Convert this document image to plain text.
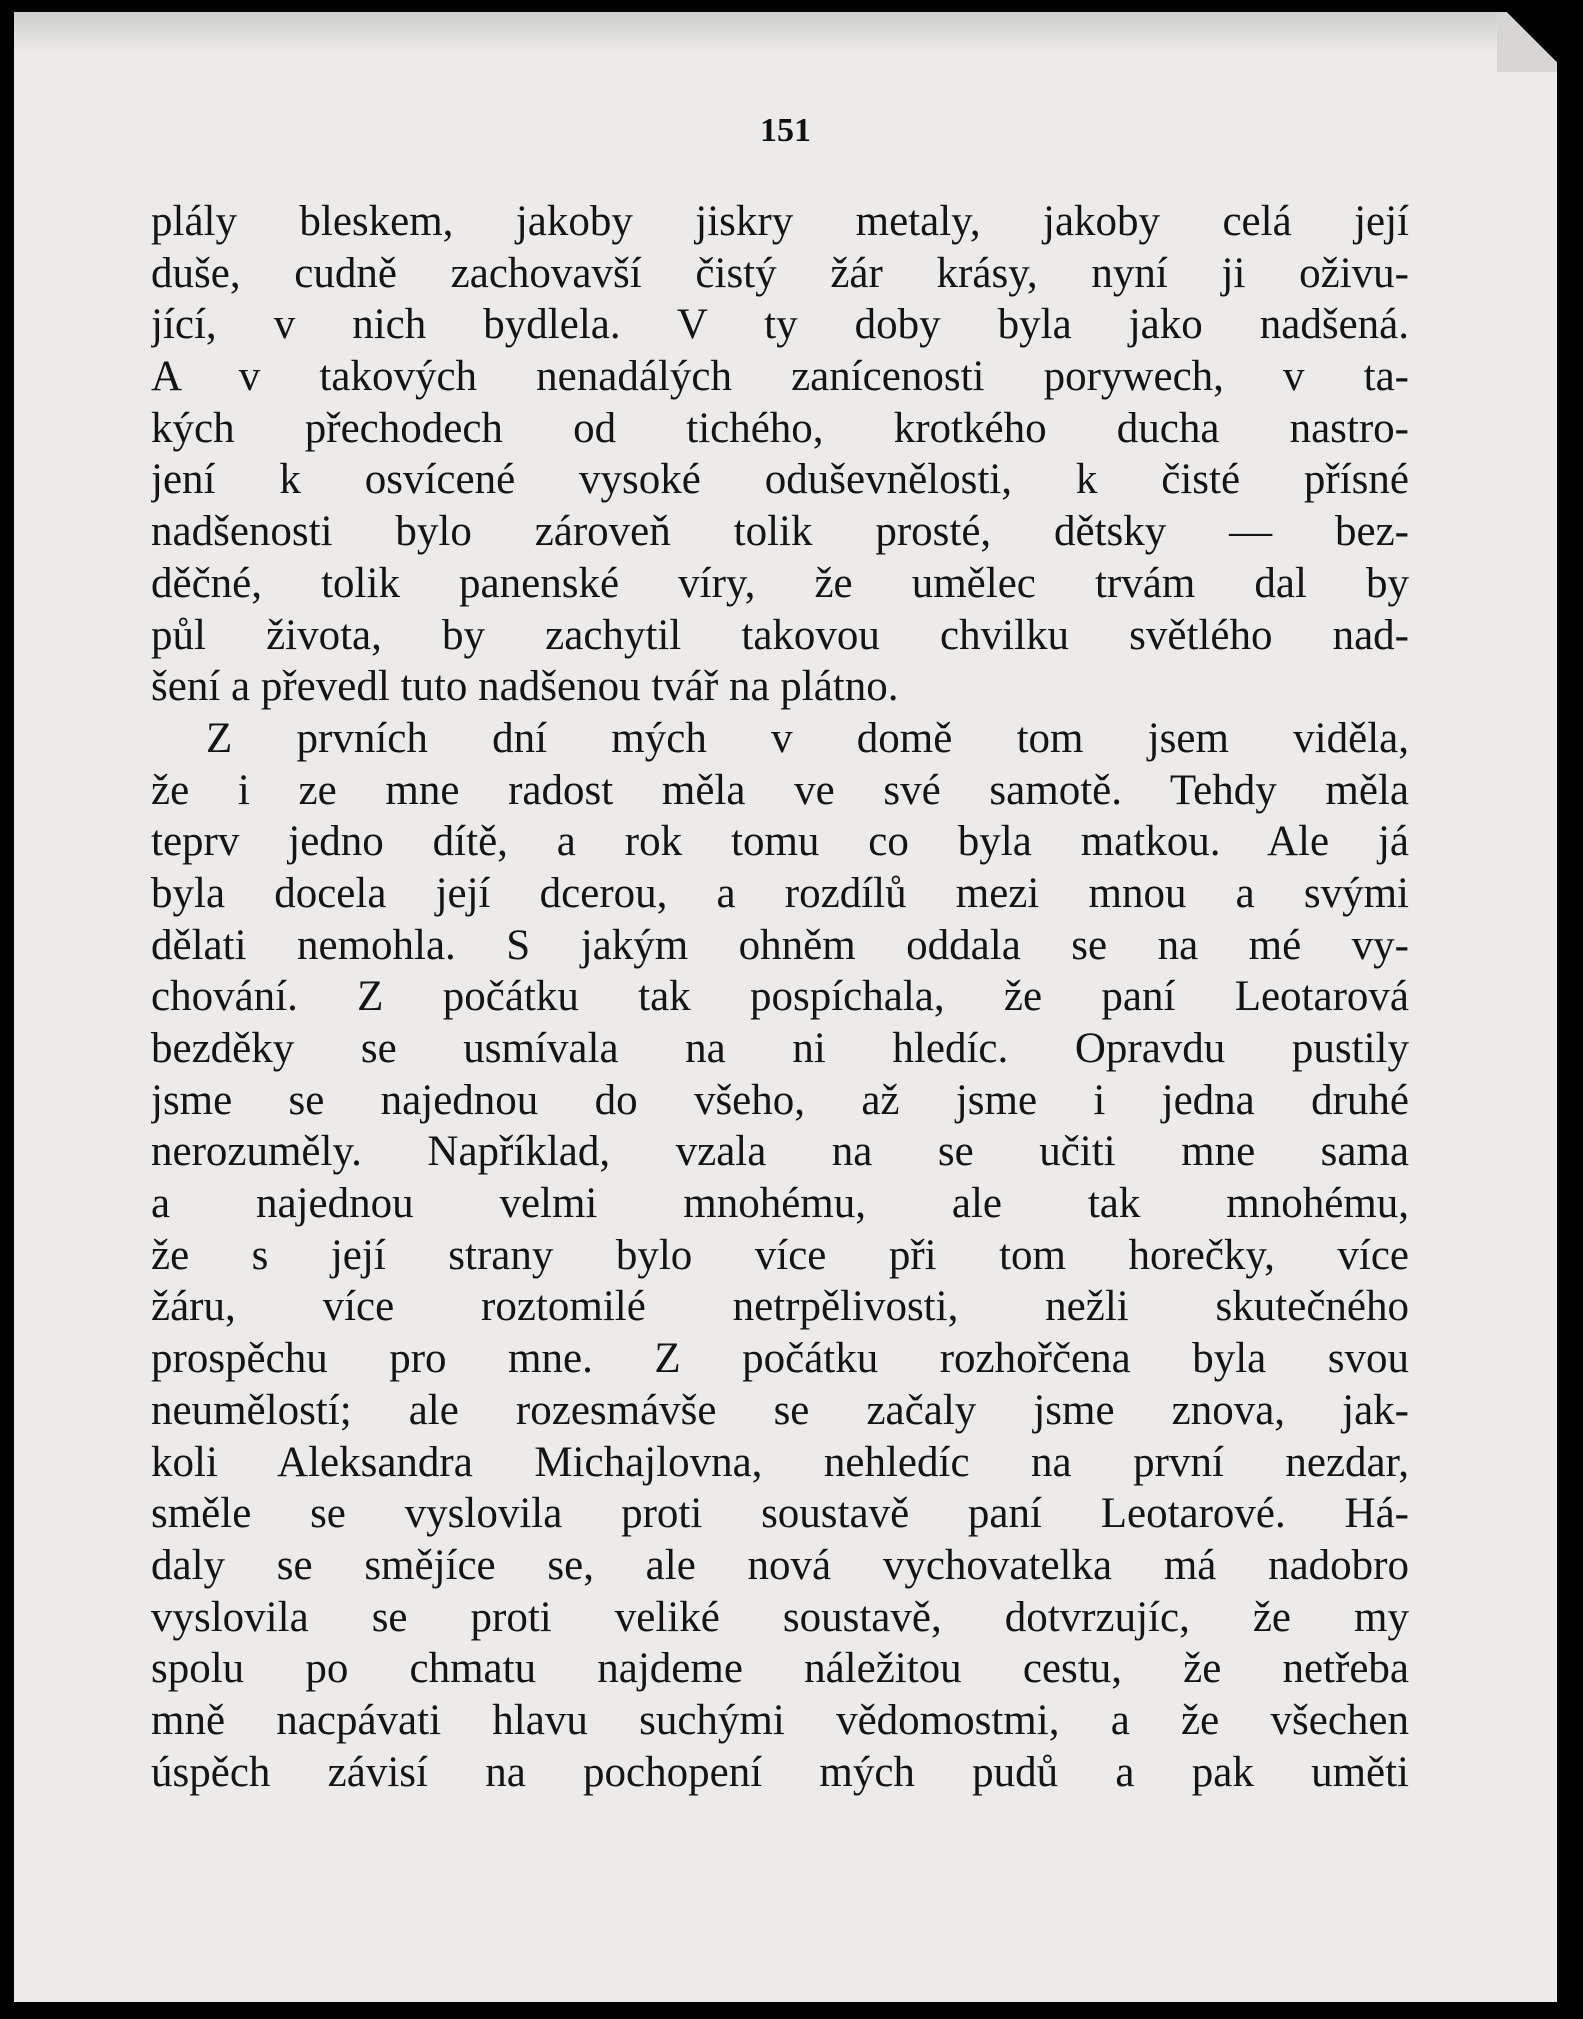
151
plály bleskem, jakoby jiskry metaly, jakoby celá její
duše, cudně zachovavší čistý žár krásy, nyní ji oživu-
jící, v nich bydlela. V ty doby byla jako nadšená.
A v takových nenadálých zanícenosti porywech, v ta-
kých přechodech od tichého, krotkého ducha nastro-
jení k osvícené vysoké oduševnělosti, k čisté přísné
nadšenosti bylo zároveň tolik prosté, dětsky — bez-
děčné, tolik panenské víry, že umělec trvám dal by
půl života, by zachytil takovou chvilku světlého nad-
šení a převedl tuto nadšenou tvář na plátno.
Z prvních dní mých v domě tom jsem viděla,
že i ze mne radost měla ve své samotě. Tehdy měla
teprv jedno dítě, a rok tomu co byla matkou. Ale já
byla docela její dcerou, a rozdílů mezi mnou a svými
dělati nemohla. S jakým ohněm oddala se na mé vy-
chování. Z počátku tak pospíchala, že paní Leotarová
bezděky se usmívala na ni hledíc. Opravdu pustily
jsme se najednou do všeho, až jsme i jedna druhé
nerozuměly. Například, vzala na se učiti mne sama
a najednou velmi mnohému, ale tak mnohému,
že s její strany bylo více při tom horečky, více
žáru, více roztomilé netrpělivosti, nežli skutečného
prospěchu pro mne. Z počátku rozhořčena byla svou
neumělostí; ale rozesmávše se začaly jsme znova, jak-
koli Aleksandra Michajlovna, nehledíc na první nezdar,
směle se vyslovila proti soustavě paní Leotarové. Há-
daly se smějíce se, ale nová vychovatelka má nadobro
vyslovila se proti veliké soustavě, dotvrzujíc, že my
spolu po chmatu najdeme náležitou cestu, že netřeba
mně nacpávati hlavu suchými vědomostmi, a že všechen
úspěch závisí na pochopení mých pudů a pak uměti
